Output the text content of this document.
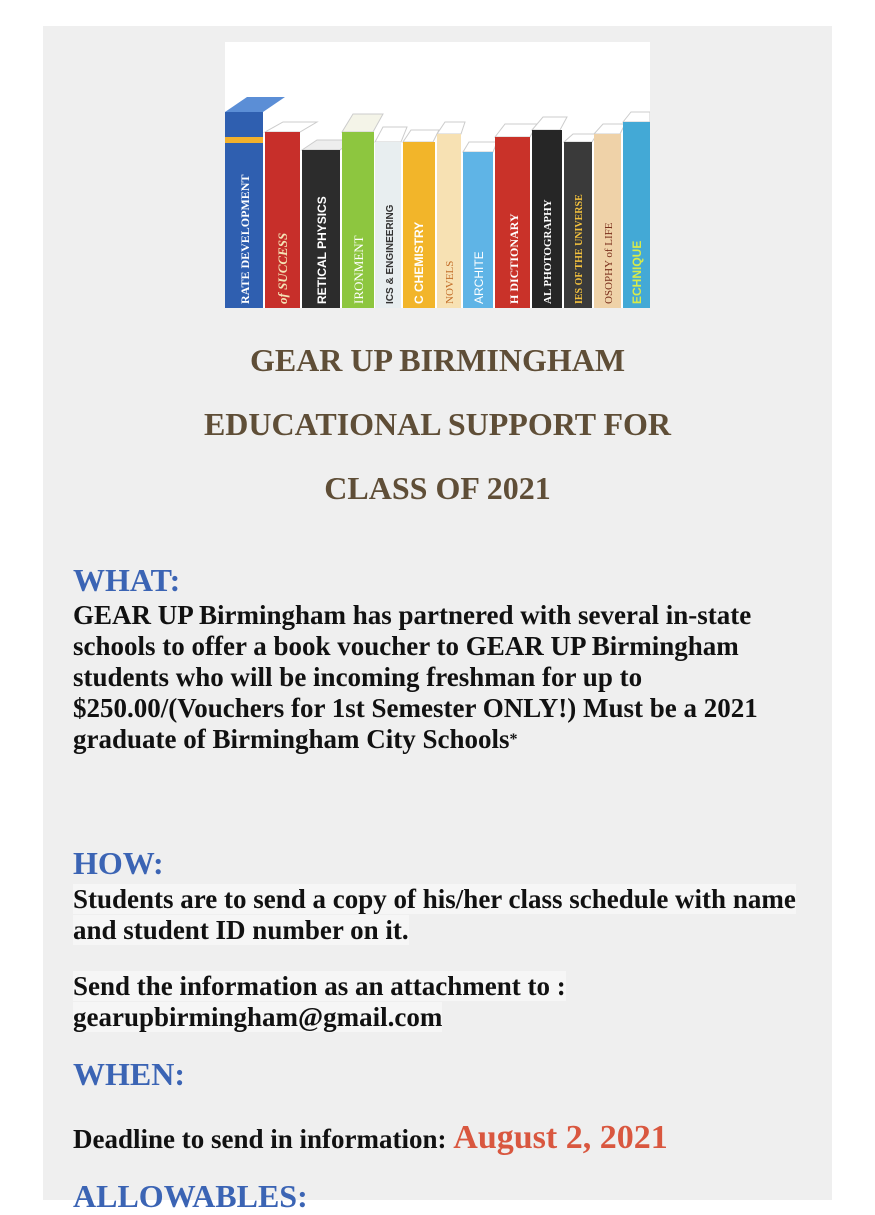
RATE DEVELOPMENT of SUCCESS RETICAL PHYSICS IRONMENT ICS & ENGINEERING C CHEMISTRY NOVELS ARCHITE H DICTIONARY AL PHOTOGRAPHY IES OF THE UNIVERSE OSOPHY of LIFE ECHNIQUE
GEAR UP BIRMINGHAM
EDUCATIONAL SUPPORT FOR
CLASS OF 2021
WHAT:

GEAR UP Birmingham has partnered with several in-state schools to offer a book voucher to GEAR UP Birmingham students who will be incoming freshman for up to $250.00/(Vouchers for 1st Semester ONLY!) Must be a 2021 graduate of Birmingham City Schools*

HOW:

Students are to send a copy of his/her class schedule with name and student ID number on it.

Send the information as an attachment to : gearupbirmingham@gmail.com

WHEN:

Deadline to send in information: August 2, 2021

ALLOWABLES:
